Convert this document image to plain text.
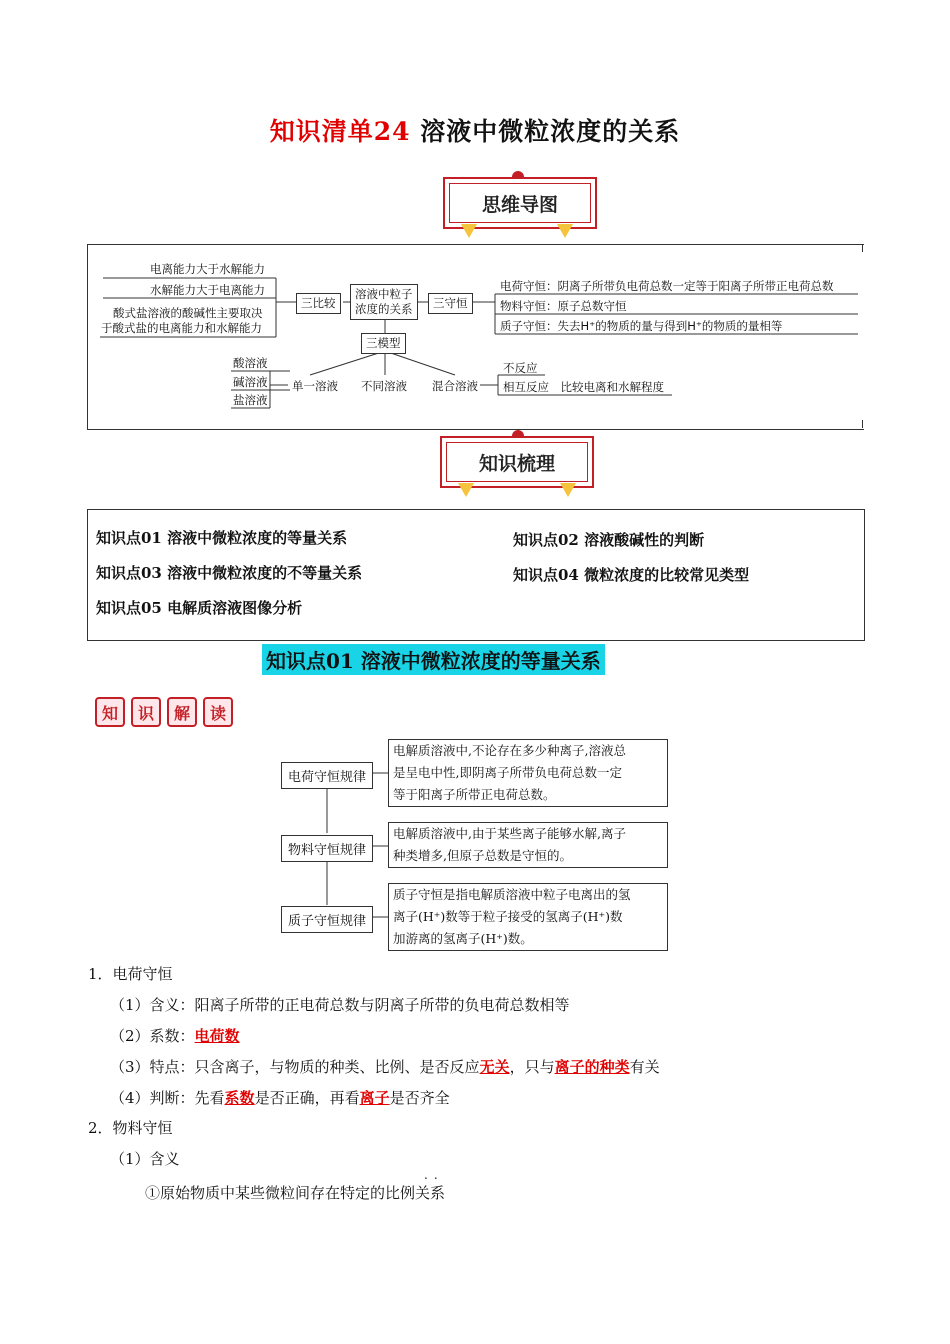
知识清单24 溶液中微粒浓度的关系
思维导图
电离能力大于水解能力
水解能力大于电离能力
酸式盐溶液的酸碱性主要取决
于酸式盐的电离能力和水解能力
三比较
溶液中粒子
浓度的关系	三守恒
电荷守恒：阴离子所带负电荷总数一定等于阳离子所带正电荷总数
物料守恒：原子总数守恒
质子守恒：失去H⁺的物质的量与得到H⁺的物质的量相等
三模型
酸溶液
碱溶液
盐溶液
单一溶液 不同溶液 混合溶液
不反应
相互反应　比较电离和水解程度
知识梳理
知识点01 溶液中微粒浓度的等量关系	知识点02 溶液酸碱性的判断
知识点03 溶液中微粒浓度的不等量关系	知识点04 微粒浓度的比较常见类型
知识点05 电解质溶液图像分析
知识点01 溶液中微粒浓度的等量关系
知	识	解	读
电荷守恒规律
电解质溶液中,不论存在多少种离子,溶液总
是呈电中性,即阴离子所带负电荷总数一定
等于阳离子所带正电荷总数。
物料守恒规律
电解质溶液中,由于某些离子能够水解,离子
种类增多,但原子总数是守恒的。
质子守恒规律
质子守恒是指电解质溶液中粒子电离出的氢
离子(H⁺)数等于粒子接受的氢离子(H⁺)数
加游离的氢离子(H⁺)数。
1．电荷守恒
（1）含义：阳离子所带的正电荷总数与阴离子所带的负电荷总数相等
（2）系数：电荷数
（3）特点：只含离子，与物质的种类、比例、是否反应无关，只与离子的种类有关
（4）判断：先看系数是否正确，再看离子是否齐全
2．物料守恒
（1）含义
..
①原始物质中某些微粒间存在特定的比例关系
